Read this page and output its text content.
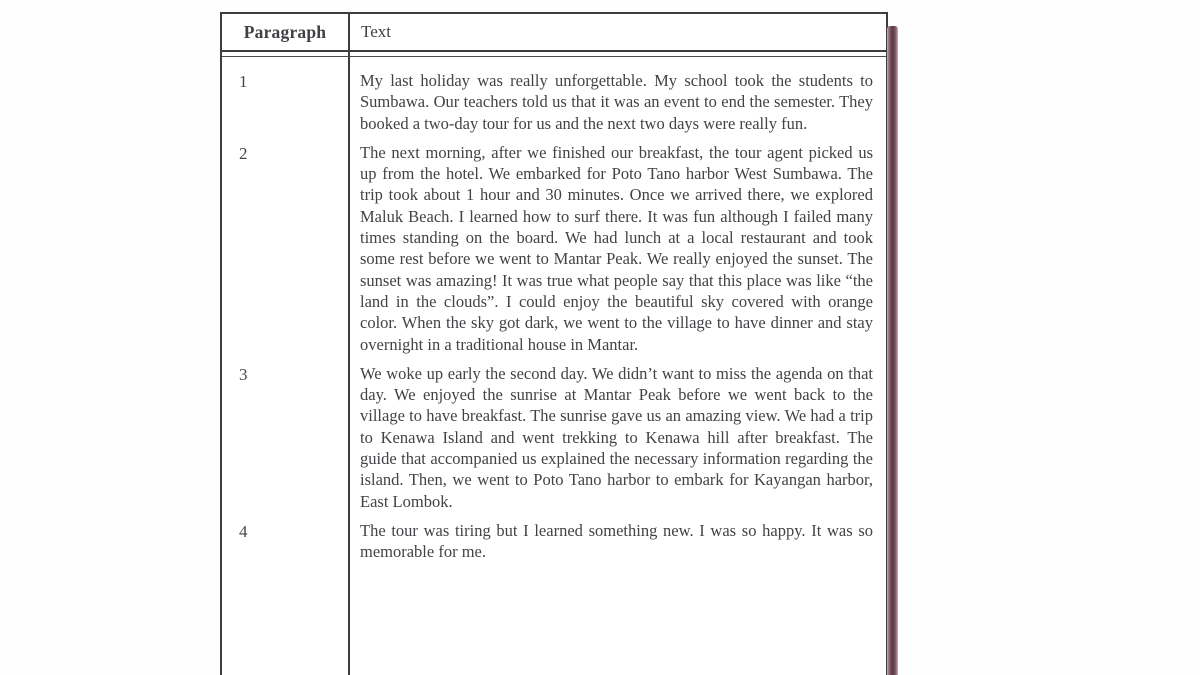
Paragraph	Text
1	My last holiday was really unforgettable. My school took the students to Sumbawa. Our teachers told us that it was an event to end the semester. They booked a two-day tour for us and the next two days were really fun.
2	The next morning, after we finished our breakfast, the tour agent picked us up from the hotel. We embarked for Poto Tano harbor West Sumbawa. The trip took about 1 hour and 30 minutes. Once we arrived there, we explored Maluk Beach. I learned how to surf there. It was fun although I failed many times standing on the board. We had lunch at a local restaurant and took some rest before we went to Mantar Peak. We really enjoyed the sunset. The sunset was amazing! It was true what people say that this place was like “the land in the clouds”. I could enjoy the beautiful sky covered with orange color. When the sky got dark, we went to the village to have dinner and stay overnight in a traditional house in Mantar.
3	We woke up early the second day. We didn’t want to miss the agenda on that day. We enjoyed the sunrise at Mantar Peak before we went back to the village to have breakfast. The sunrise gave us an amazing view. We had a trip to Kenawa Island and went trekking to Kenawa hill after breakfast. The guide that accompanied us explained the necessary information regarding the island. Then, we went to Poto Tano harbor to embark for Kayangan harbor, East Lombok.
4	The tour was tiring but I learned something new. I was so happy. It was so memorable for me.
